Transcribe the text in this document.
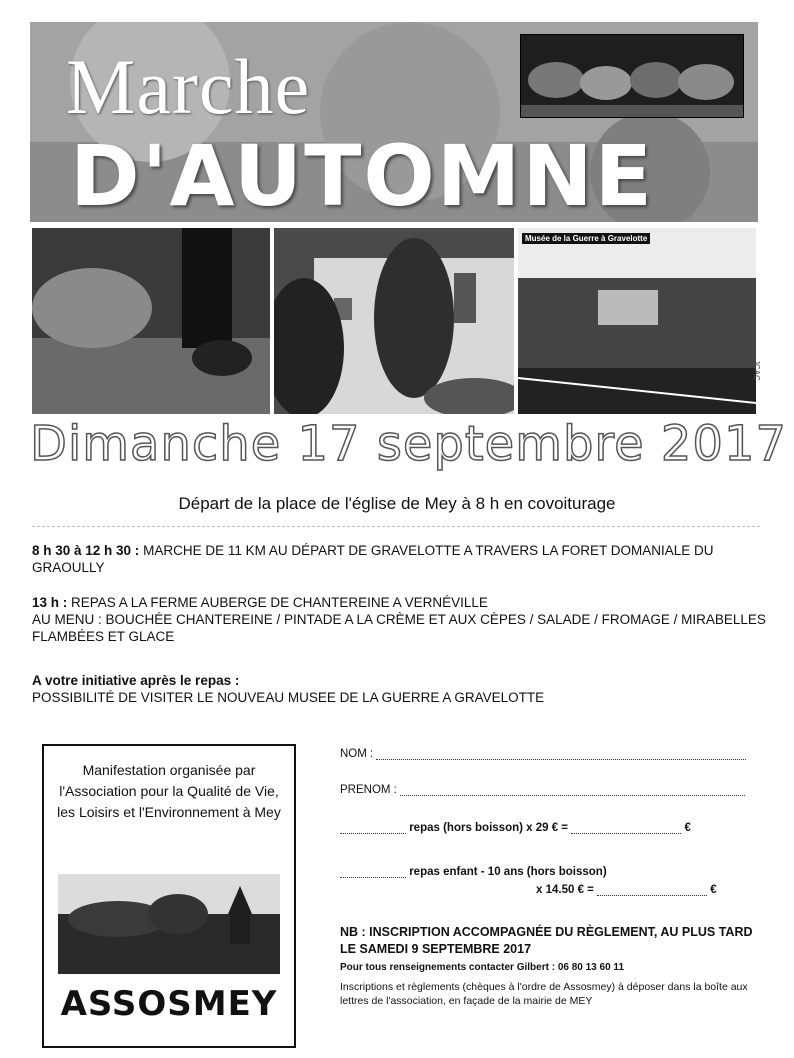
Marche
D'AUTOMNE
Musée de la Guerre à Gravelotte
JCAC
Dimanche 17 septembre 2017
Départ de la place de l'église de Mey à 8 h en covoiturage
8 h 30 à 12 h 30 : MARCHE DE 11 KM AU DÉPART DE GRAVELOTTE A TRAVERS LA FORET DOMANIALE DU GRAOULLY
13 h : REPAS A LA FERME AUBERGE DE CHANTEREINE A VERNÉVILLE
AU MENU : BOUCHÉE CHANTEREINE / PINTADE A LA CRÈME ET AUX CÈPES / SALADE / FROMAGE / MIRABELLES FLAMBÉES ET GLACE
A votre initiative après le repas :
POSSIBILITÉ DE VISITER LE NOUVEAU MUSEE DE LA GUERRE A GRAVELOTTE
Manifestation organisée par l'Association pour la Qualité de Vie, les Loisirs et l'Environnement à Mey
ASSOSMEY
NOM :
PRENOM :
repas (hors boisson) x 29 € =	€
repas enfant - 10 ans (hors boisson)
x 14.50 € =	€
NB : INSCRIPTION ACCOMPAGNÉE DU RÈGLEMENT, AU PLUS TARD LE SAMEDI 9 SEPTEMBRE 2017
Pour tous renseignements contacter Gilbert : 06 80 13 60 11
Inscriptions et règlements (chèques à l'ordre de Assosmey) à déposer dans la boîte aux lettres de l'association, en façade de la mairie de MEY
